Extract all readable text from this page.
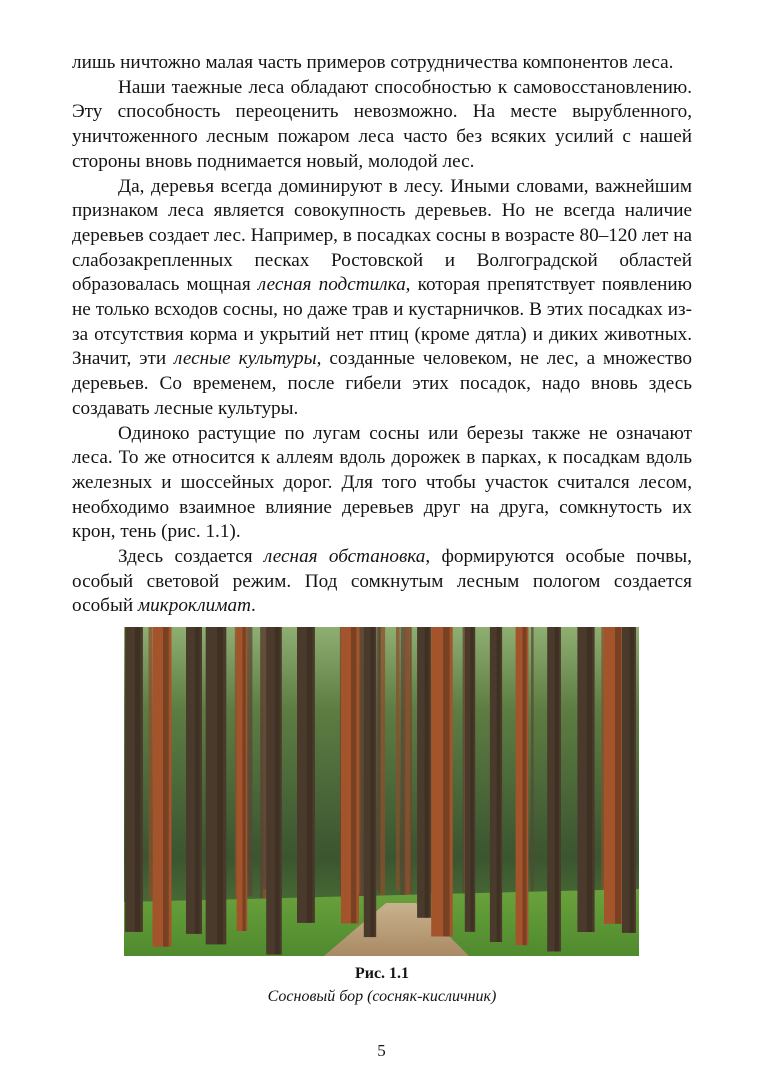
лишь ничтожно малая часть примеров сотрудничества компонентов леса.

Наши таежные леса обладают способностью к самовосстановлению. Эту способность переоценить невозможно. На месте вырубленного, уничтоженного лесным пожаром леса часто без всяких усилий с нашей стороны вновь поднимается новый, молодой лес.

Да, деревья всегда доминируют в лесу. Иными словами, важнейшим признаком леса является совокупность деревьев. Но не всегда наличие деревьев создает лес. Например, в посадках сосны в возрасте 80–120 лет на слабозакрепленных песках Ростовской и Волгоградской областей образовалась мощная лесная подстилка, которая препятствует появлению не только всходов сосны, но даже трав и кустарничков. В этих посадках из-за отсутствия корма и укрытий нет птиц (кроме дятла) и диких животных. Значит, эти лесные культуры, созданные человеком, не лес, а множество деревьев. Со временем, после гибели этих посадок, надо вновь здесь создавать лесные культуры.

Одиноко растущие по лугам сосны или березы также не означают леса. То же относится к аллеям вдоль дорожек в парках, к посадкам вдоль железных и шоссейных дорог. Для того чтобы участок считался лесом, необходимо взаимное влияние деревьев друг на друга, сомкнутость их крон, тень (рис. 1.1).

Здесь создается лесная обстановка, формируются особые почвы, особый световой режим. Под сомкнутым лесным пологом создается особый микроклимат.

Рис. 1.1
Сосновый бор (сосняк-кисличник)
5
